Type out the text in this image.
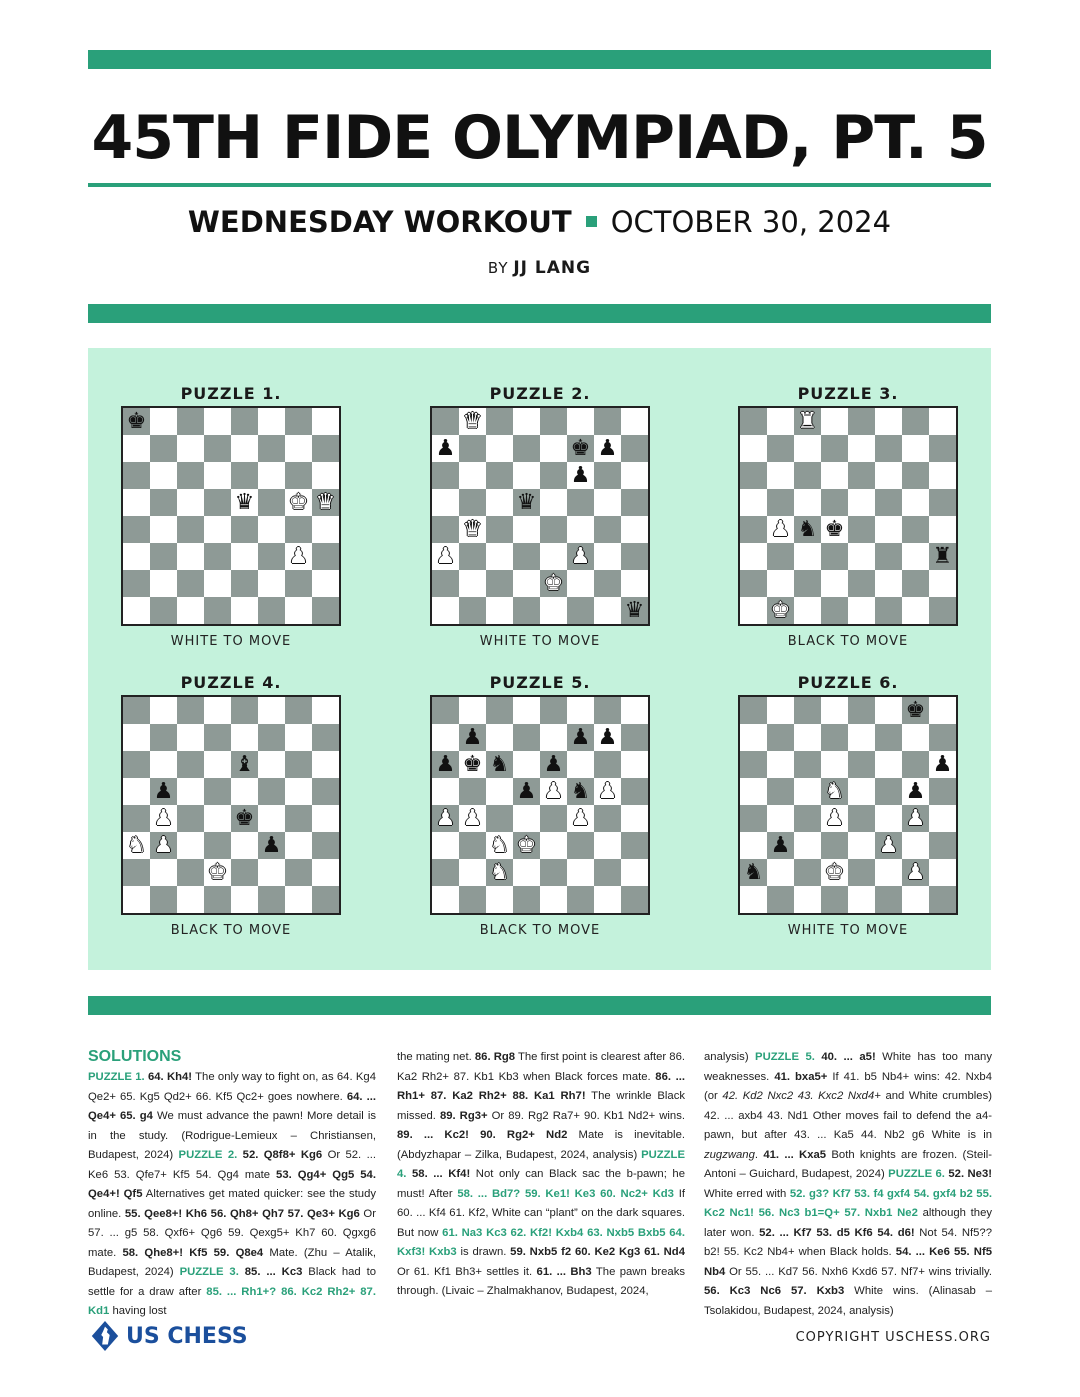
45TH FIDE OLYMPIAD, PT. 5
WEDNESDAY WORKOUT OCTOBER 30, 2024
BY JJ LANG
PUZZLE 1.
♚
♛ ♚ ♛
♟
WHITE TO MOVE
PUZZLE 2.
♛
♟	♚ ♟
♟
♛
♛
♟	♟
♚
♛
WHITE TO MOVE
PUZZLE 3.
♜
♟ ♞ ♚
♜
♚
BLACK TO MOVE
PUZZLE 4.
♝
♟
♟	♚
♞ ♟	♟
♚
BLACK TO MOVE
PUZZLE 5.
♟	♟ ♟
♟ ♚ ♞ ♟
♟ ♟ ♞ ♟
♟ ♟	♟
♞ ♚
♞
BLACK TO MOVE
PUZZLE 6.
♚
♟
♞	♟
♟	♟
♟	♟
♞	♚	♟
WHITE TO MOVE
SOLUTIONS

PUZZLE 1. 64. Kh4! The only way to fight on, as 64. Kg4 Qe2+ 65. Kg5 Qd2+ 66. Kf5 Qc2+ goes nowhere. 64. ... Qe4+ 65. g4 We must advance the pawn! More detail is in the study. (Rodrigue-Lemieux – Christiansen, Budapest, 2024) PUZZLE 2. 52. Q8f8+ Kg6 Or 52. ... Ke6 53. Qfe7+ Kf5 54. Qg4 mate 53. Qg4+ Qg5 54. Qe4+! Qf5 Alternatives get mated quicker: see the study online. 55. Qee8+! Kh6 56. Qh8+ Qh7 57. Qe3+ Kg6 Or 57. ... g5 58. Qxf6+ Qg6 59. Qexg5+ Kh7 60. Qgxg6 mate. 58. Qhe8+! Kf5 59. Q8e4 Mate. (Zhu – Atalik, Budapest, 2024) PUZZLE 3. 85. ... Kc3 Black had to settle for a draw after 85. ... Rh1+? 86. Kc2 Rh2+ 87. Kd1 having lost

the mating net. 86. Rg8 The first point is clearest after 86. Ka2 Rh2+ 87. Kb1 Kb3 when Black forces mate. 86. ... Rh1+ 87. Ka2 Rh2+ 88. Ka1 Rh7! The wrinkle Black missed. 89. Rg3+ Or 89. Rg2 Ra7+ 90. Kb1 Nd2+ wins. 89. ... Kc2! 90. Rg2+ Nd2 Mate is inevitable. (Abdyzhapar – Zilka, Budapest, 2024, analysis) PUZZLE 4. 58. ... Kf4! Not only can Black sac the b-pawn; he must! After 58. ... Bd7? 59. Ke1! Ke3 60. Nc2+ Kd3 If 60. ... Kf4 61. Kf2, White can “plant” on the dark squares. But now 61. Na3 Kc3 62. Kf2! Kxb4 63. Nxb5 Bxb5 64. Kxf3! Kxb3 is drawn. 59. Nxb5 f2 60. Ke2 Kg3 61. Nd4 Or 61. Kf1 Bh3+ settles it. 61. ... Bh3 The pawn breaks through. (Livaic – Zhalmakhanov, Budapest, 2024,

analysis) PUZZLE 5. 40. ... a5! White has too many weaknesses. 41. bxa5+ If 41. b5 Nb4+ wins: 42. Nxb4 (or 42. Kd2 Nxc2 43. Kxc2 Nxd4+ and White crumbles) 42. ... axb4 43. Nd1 Other moves fail to defend the a4-pawn, but after 43. ... Ka5 44. Nb2 g6 White is in zugzwang. 41. ... Kxa5 Both knights are frozen. (Steil-Antoni – Guichard, Budapest, 2024) PUZZLE 6. 52. Ne3! White erred with 52. g3? Kf7 53. f4 gxf4 54. gxf4 b2 55. Kc2 Nc1! 56. Nc3 b1=Q+ 57. Nxb1 Ne2 although they later won. 52. ... Kf7 53. d5 Kf6 54. d6! Not 54. Nf5?? b2! 55. Kc2 Nb4+ when Black holds. 54. ... Ke6 55. Nf5 Nb4 Or 55. ... Kd7 56. Nxh6 Kxd6 57. Nf7+ wins trivially. 56. Kc3 Nc6 57. Kxb3 White wins. (Alinasab – Tsolakidou, Budapest, 2024, analysis)

US CHESS	COPYRIGHT USCHESS.ORG
